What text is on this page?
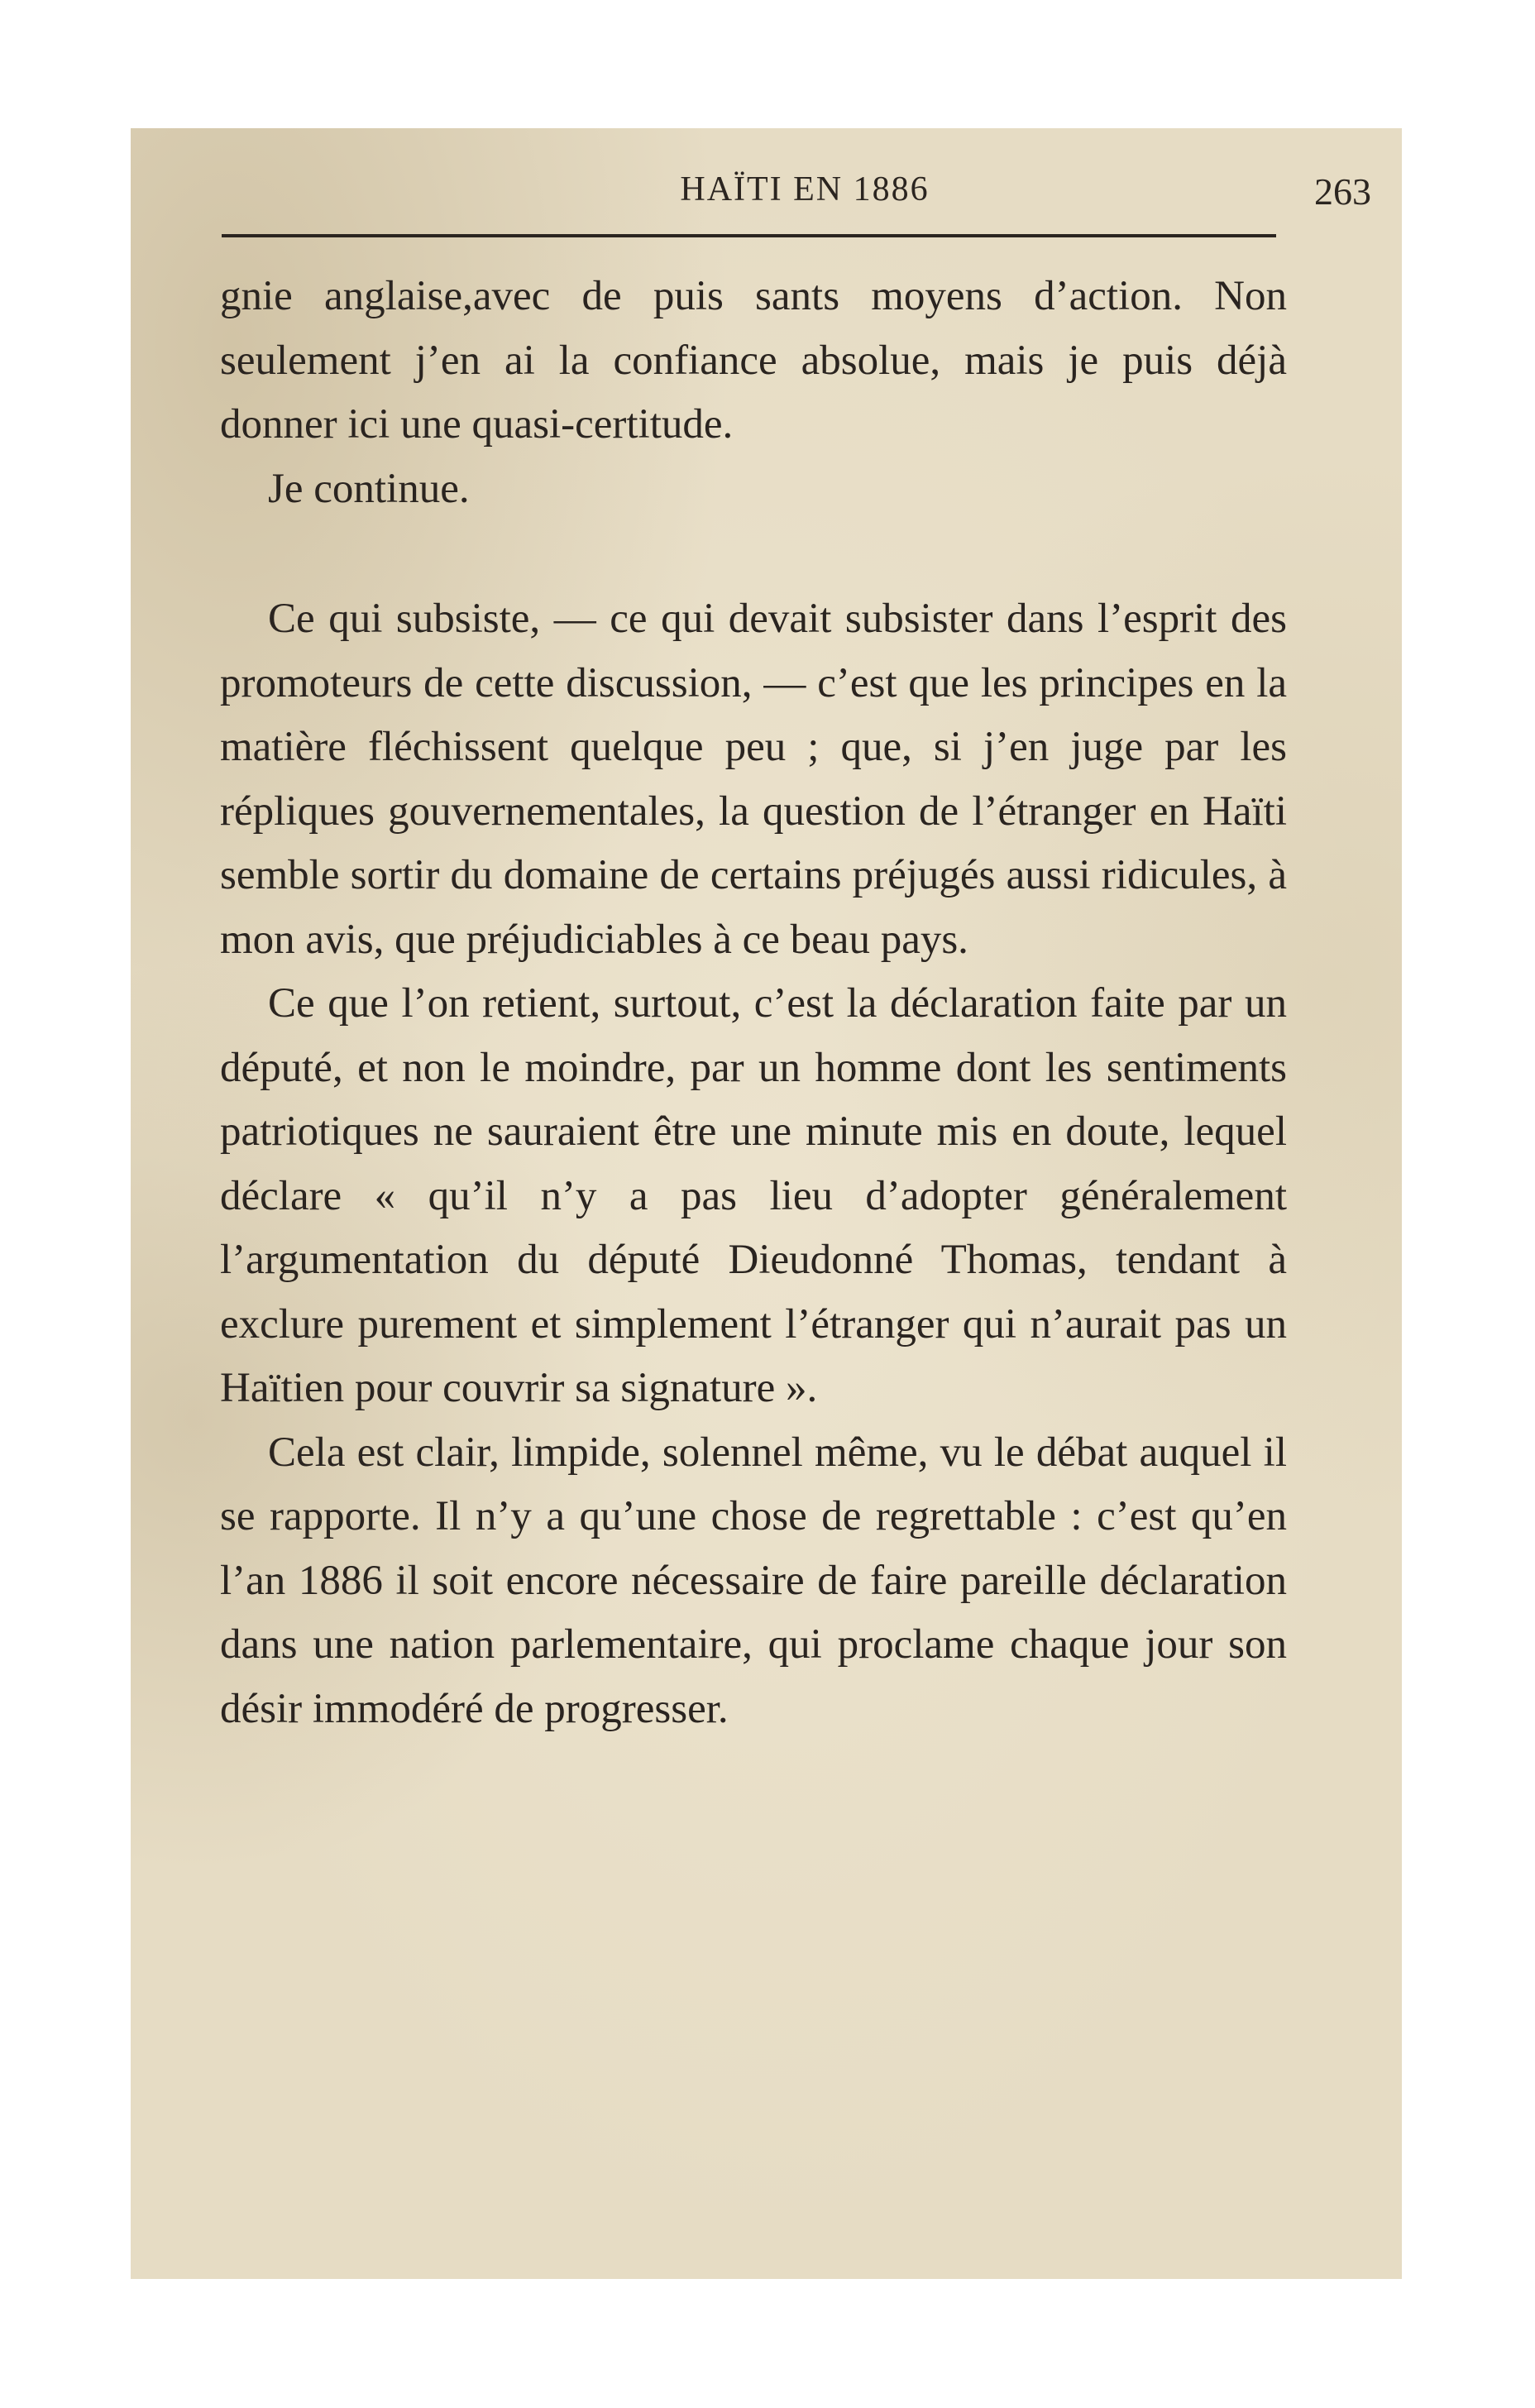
HAÏTI EN 1886	263

gnie anglaise,avec de puis sants moyens d’action. Non seulement j’en ai la confiance absolue, mais je puis déjà donner ici une quasi-certitude.

Je continue.

Ce qui subsiste, — ce qui devait subsister dans l’esprit des promoteurs de cette discussion, — c’est que les principes en la matière fléchissent quelque peu ; que, si j’en juge par les répliques gouvernementales, la question de l’étranger en Haïti semble sortir du domaine de certains préjugés aussi ridicules, à mon avis, que préjudiciables à ce beau pays.

Ce que l’on retient, surtout, c’est la déclaration faite par un député, et non le moindre, par un homme dont les sentiments patriotiques ne sauraient être une minute mis en doute, lequel déclare « qu’il n’y a pas lieu d’adopter généralement l’argumentation du député Dieudonné Thomas, tendant à exclure purement et simplement l’étranger qui n’aurait pas un Haïtien pour couvrir sa signature ».

Cela est clair, limpide, solennel même, vu le débat auquel il se rapporte. Il n’y a qu’une chose de regrettable : c’est qu’en l’an 1886 il soit encore nécessaire de faire pareille déclaration dans une nation parlementaire, qui proclame chaque jour son désir immodéré de progresser.
